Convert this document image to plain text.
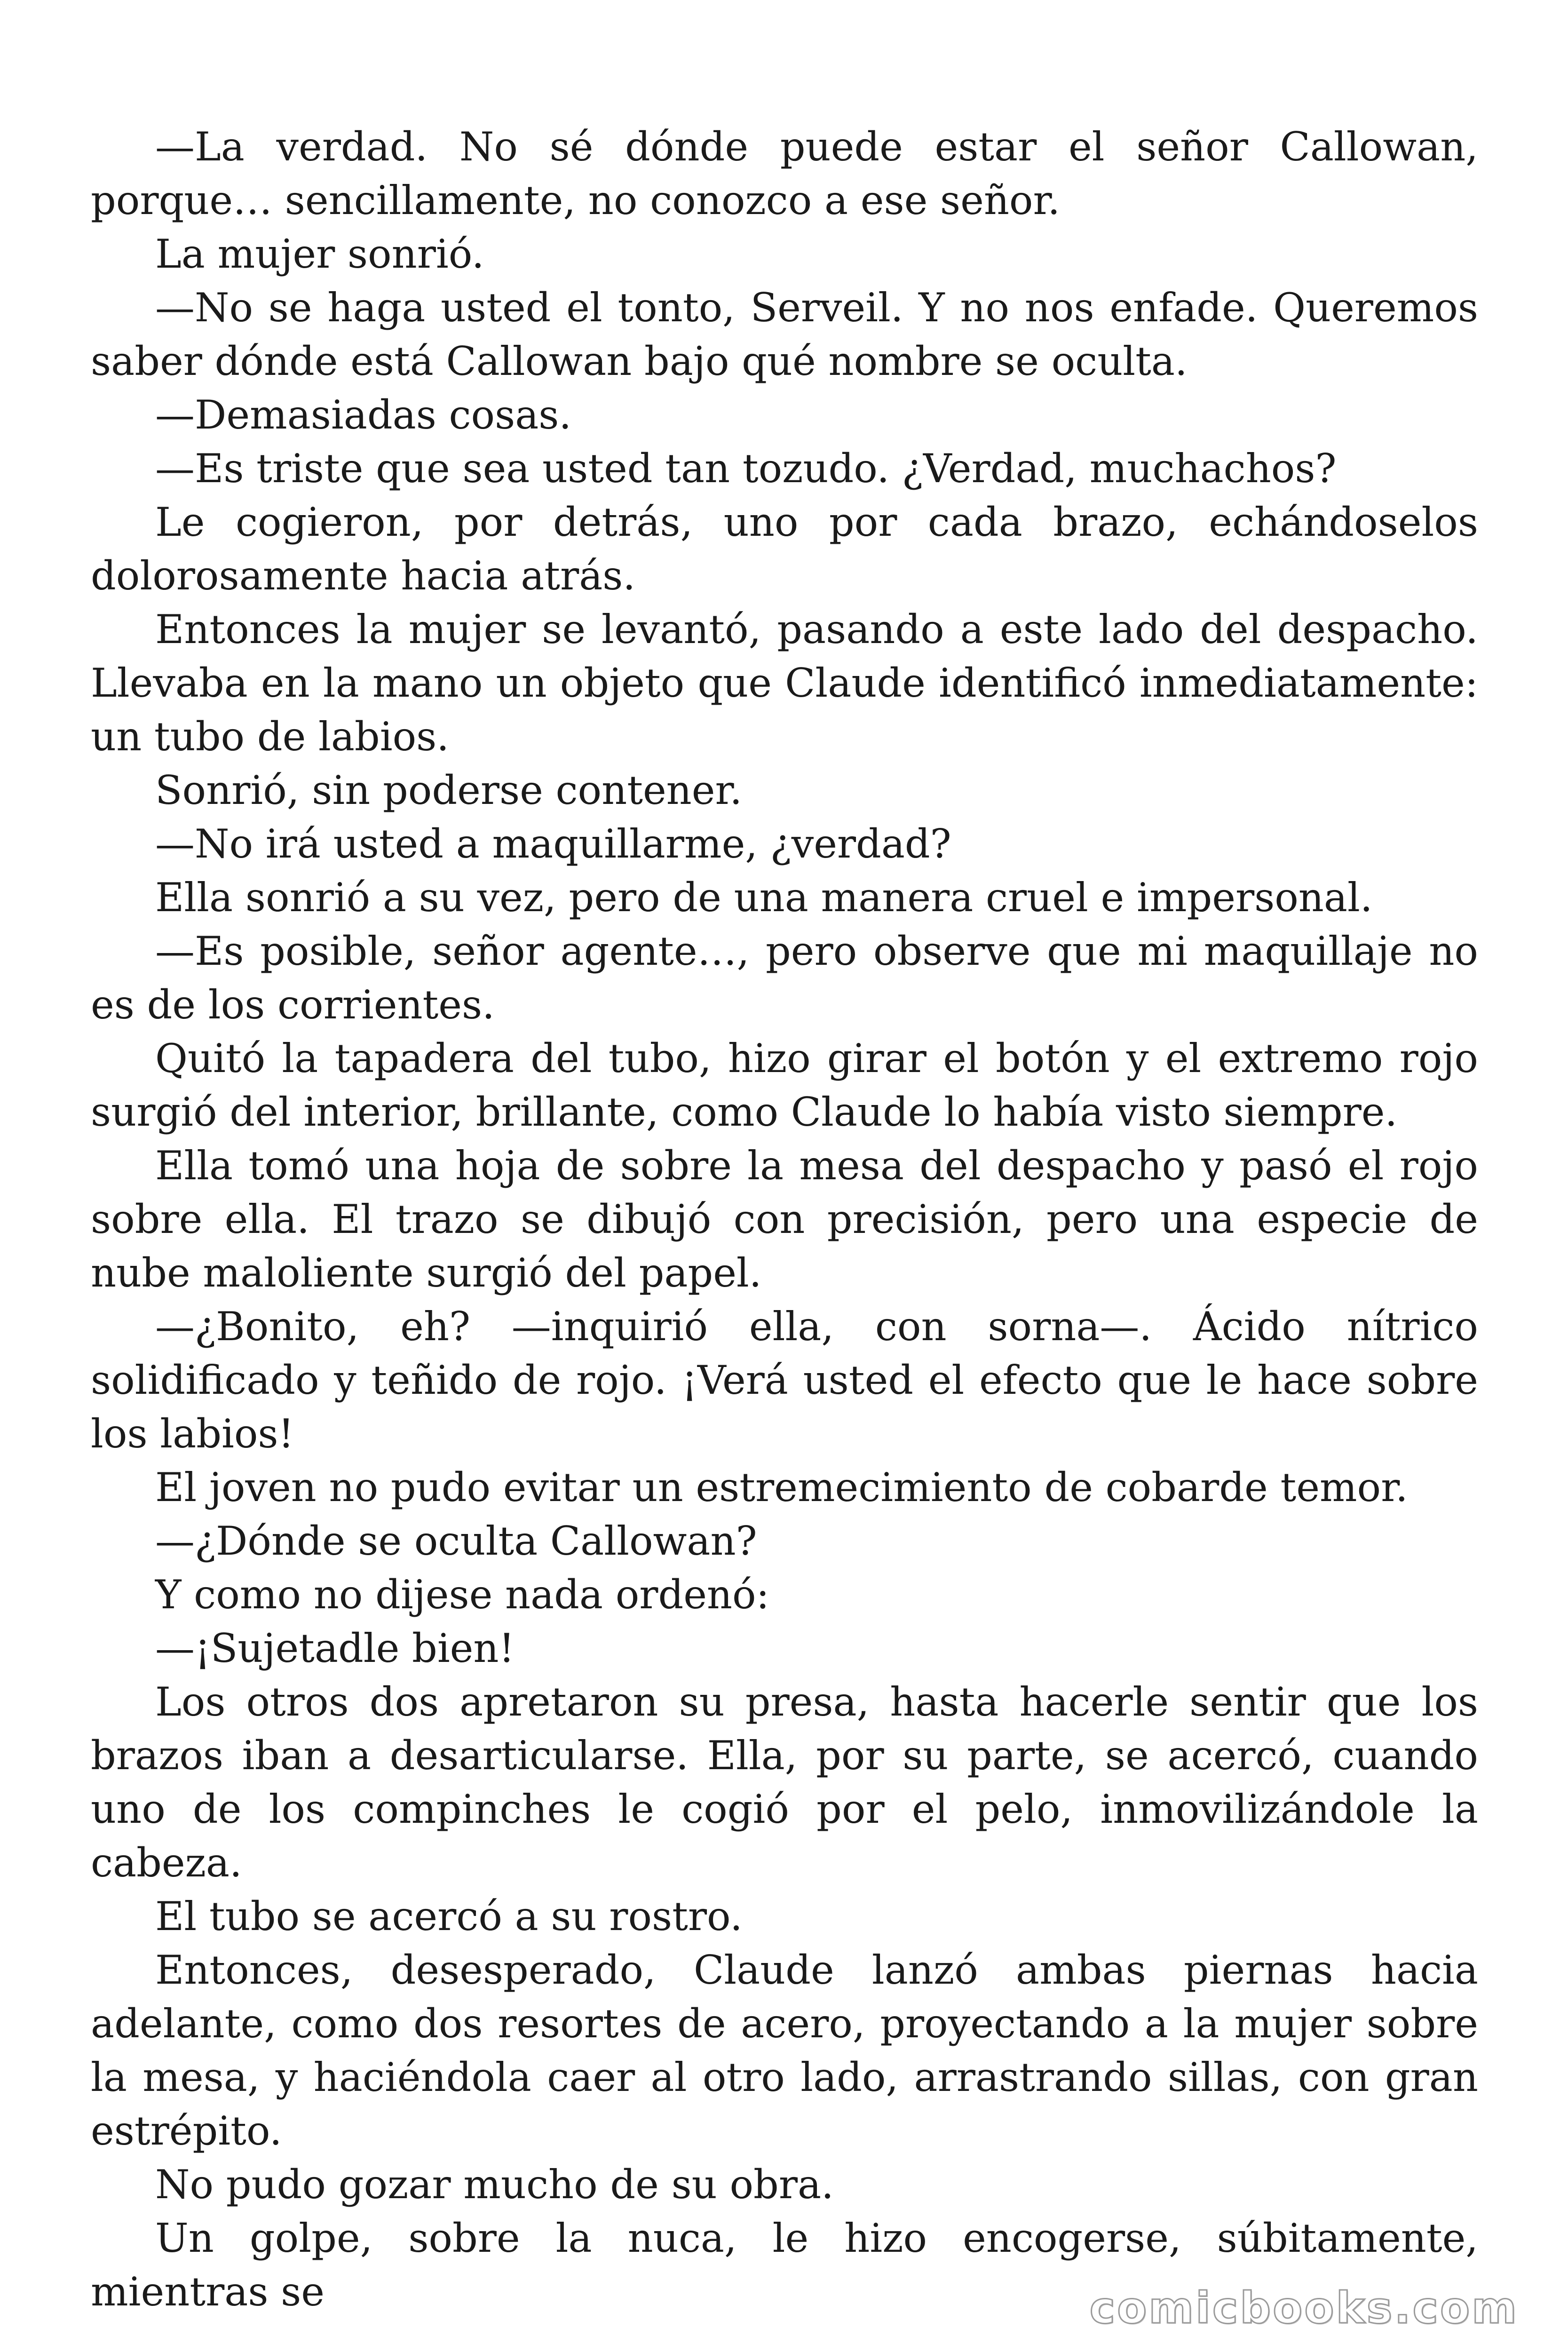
—La verdad. No sé dónde puede estar el señor Callowan, porque… sencillamente, no conozco a ese señor.

La mujer sonrió.

—No se haga usted el tonto, Serveil. Y no nos enfade. Queremos saber dónde está Callowan bajo qué nombre se oculta.

—Demasiadas cosas.

—Es triste que sea usted tan tozudo. ¿Verdad, muchachos?

Le cogieron, por detrás, uno por cada brazo, echándoselos dolorosamente hacia atrás.

Entonces la mujer se levantó, pasando a este lado del despacho. Llevaba en la mano un objeto que Claude identificó inmediatamente: un tubo de labios.

Sonrió, sin poderse contener.

—No irá usted a maquillarme, ¿verdad?

Ella sonrió a su vez, pero de una manera cruel e impersonal.

—Es posible, señor agente…, pero observe que mi maquillaje no es de los corrientes.

Quitó la tapadera del tubo, hizo girar el botón y el extremo rojo surgió del interior, brillante, como Claude lo había visto siempre.

Ella tomó una hoja de sobre la mesa del despacho y pasó el rojo sobre ella. El trazo se dibujó con precisión, pero una especie de nube maloliente surgió del papel.

—¿Bonito, eh? —inquirió ella, con sorna—. Ácido nítrico solidificado y teñido de rojo. ¡Verá usted el efecto que le hace sobre los labios!

El joven no pudo evitar un estremecimiento de cobarde temor.

—¿Dónde se oculta Callowan?

Y como no dijese nada ordenó:

—¡Sujetadle bien!

Los otros dos apretaron su presa, hasta hacerle sentir que los brazos iban a desarticularse. Ella, por su parte, se acercó, cuando uno de los compinches le cogió por el pelo, inmovilizándole la cabeza.

El tubo se acercó a su rostro.

Entonces, desesperado, Claude lanzó ambas piernas hacia adelante, como dos resortes de acero, proyectando a la mujer sobre la mesa, y haciéndola caer al otro lado, arrastrando sillas, con gran estrépito.

No pudo gozar mucho de su obra.

Un golpe, sobre la nuca, le hizo encogerse, súbitamente, mientras se	comicbooks.com
